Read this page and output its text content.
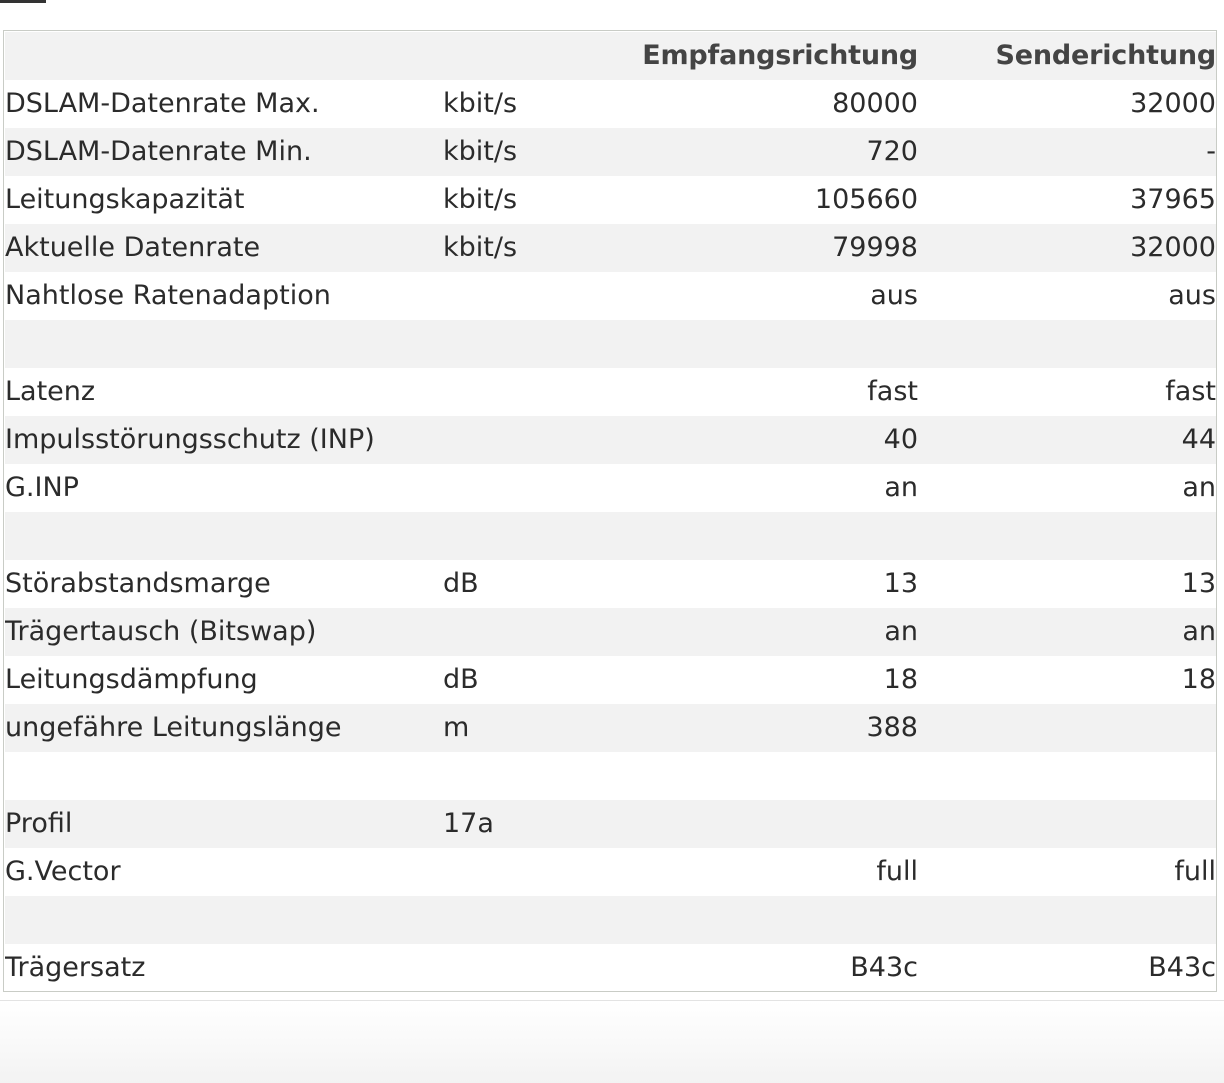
		Empfangsrichtung	Senderichtung
DSLAM-Datenrate Max.	kbit/s	80000	32000
DSLAM-Datenrate Min.	kbit/s	720	-
Leitungskapazität	kbit/s	105660	37965
Aktuelle Datenrate	kbit/s	79998	32000
Nahtlose Ratenadaption		aus	aus

Latenz		fast	fast
Impulsstörungsschutz (INP)		40	44
G.INP		an	an

Störabstandsmarge	dB	13	13
Trägertausch (Bitswap)		an	an
Leitungsdämpfung	dB	18	18
ungefähre Leitungslänge	m	388	

Profil	17a		
G.Vector		full	full

Trägersatz		B43c	B43c
